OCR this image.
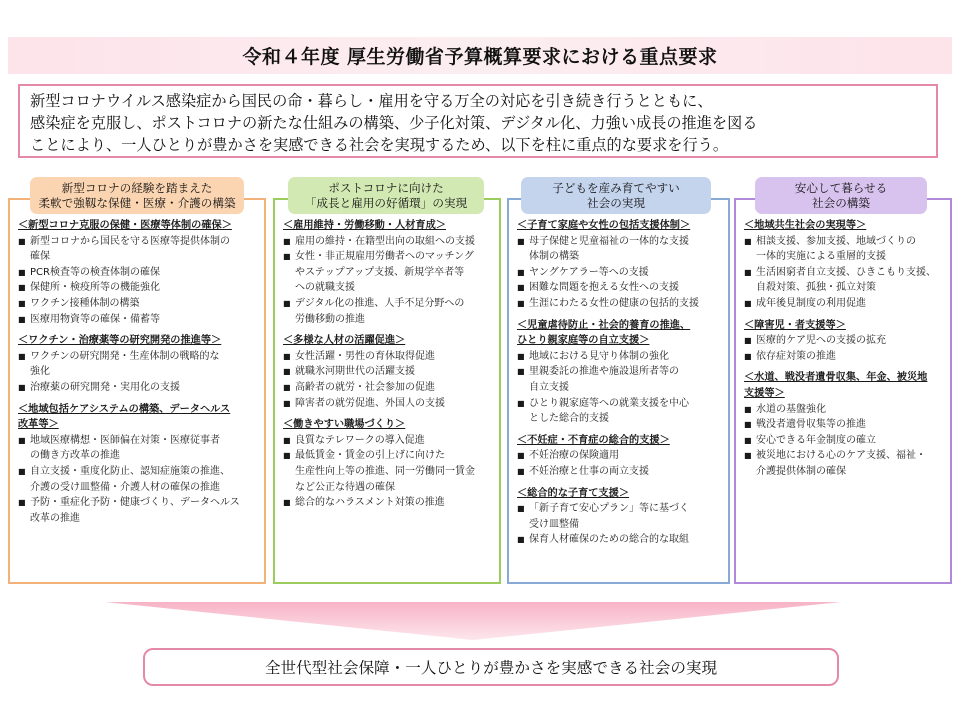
令和４年度 厚生労働省予算概算要求における重点要求
新型コロナウイルス感染症から国民の命・暮らし・雇用を守る万全の対応を引き続き行うとともに、
感染症を克服し、ポストコロナの新たな仕組みの構築、少子化対策、デジタル化、力強い成長の推進を図る
ことにより、一人ひとりが豊かさを実感できる社会を実現するため、以下を柱に重点的な要求を行う。
＜新型コロナ克服の保健・医療等体制の確保＞
■ 新型コロナから国民を守る医療等提供体制の
確保
■ PCR検査等の検査体制の確保
■ 保健所・検疫所等の機能強化
■ ワクチン接種体制の構築
■ 医療用物資等の確保・備蓄等
＜ワクチン・治療薬等の研究開発の推進等＞
■ ワクチンの研究開発・生産体制の戦略的な
強化
■ 治療薬の研究開発・実用化の支援
＜地域包括ケアシステムの構築、データヘルス
改革等＞
■ 地域医療構想・医師偏在対策・医療従事者
の働き方改革の推進
■ 自立支援・重度化防止、認知症施策の推進、
介護の受け皿整備・介護人材の確保の推進
■ 予防・重症化予防・健康づくり、データヘルス
改革の推進
＜雇用維持・労働移動・人材育成＞
■ 雇用の維持・在籍型出向の取組への支援
■ 女性・非正規雇用労働者へのマッチング
やステップアップ支援、新規学卒者等
への就職支援
■ デジタル化の推進、人手不足分野への
労働移動の推進
＜多様な人材の活躍促進＞
■ 女性活躍・男性の育休取得促進
■ 就職氷河期世代の活躍支援
■ 高齢者の就労・社会参加の促進
■ 障害者の就労促進、外国人の支援
＜働きやすい職場づくり＞
■ 良質なテレワークの導入促進
■ 最低賃金・賃金の引上げに向けた
生産性向上等の推進、同一労働同一賃金
など公正な待遇の確保
■ 総合的なハラスメント対策の推進
＜子育て家庭や女性の包括支援体制＞
■ 母子保健と児童福祉の一体的な支援
体制の構築
■ ヤングケアラー等への支援
■ 困難な問題を抱える女性への支援
■ 生涯にわたる女性の健康の包括的支援
＜児童虐待防止・社会的養育の推進、
ひとり親家庭等の自立支援＞
■ 地域における見守り体制の強化
■ 里親委託の推進や施設退所者等の
自立支援
■ ひとり親家庭等への就業支援を中心
とした総合的支援
＜不妊症・不育症の総合的支援＞
■ 不妊治療の保険適用
■ 不妊治療と仕事の両立支援
＜総合的な子育て支援＞
■ 「新子育て安心プラン」等に基づく
受け皿整備
■ 保育人材確保のための総合的な取組
＜地域共生社会の実現等＞
■ 相談支援、参加支援、地域づくりの
一体的実施による重層的支援
■ 生活困窮者自立支援、ひきこもり支援、
自殺対策、孤独・孤立対策
■ 成年後見制度の利用促進
＜障害児・者支援等＞
■ 医療的ケア児への支援の拡充
■ 依存症対策の推進
＜水道、戦没者遺骨収集、年金、被災地
支援等＞
■ 水道の基盤強化
■ 戦没者遺骨収集等の推進
■ 安心できる年金制度の確立
■ 被災地における心のケア支援、福祉・
介護提供体制の確保
新型コロナの経験を踏まえた
柔軟で強靱な保健・医療・介護の構築
ポストコロナに向けた
「成長と雇用の好循環」の実現
子どもを産み育てやすい
社会の実現
安心して暮らせる
社会の構築
全世代型社会保障・一人ひとりが豊かさを実感できる社会の実現
